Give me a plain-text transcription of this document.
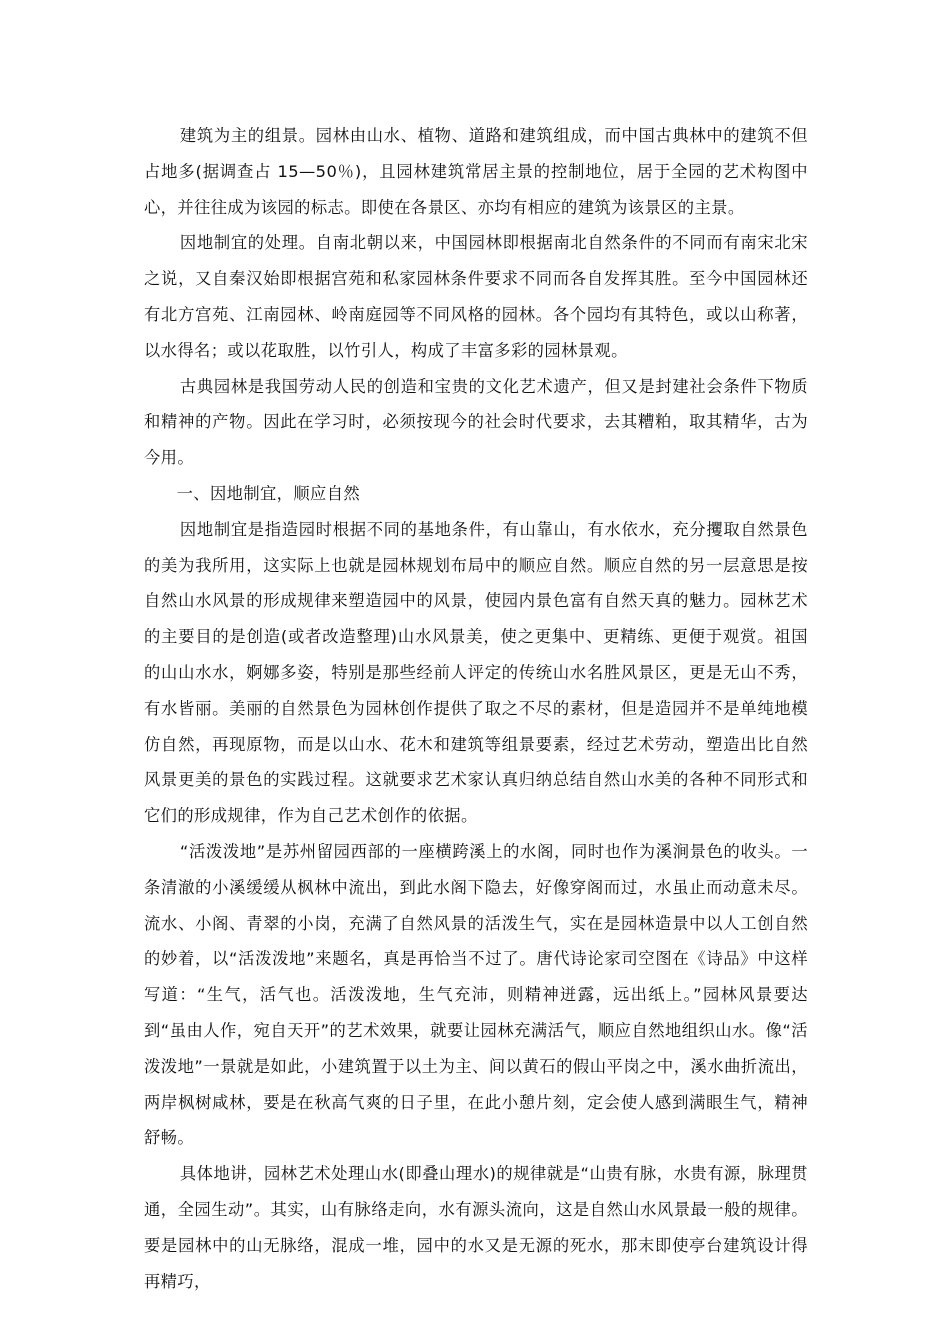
建筑为主的组景。园林由山水、植物、道路和建筑组成，而中国古典林中的建筑不但占地多(据调查占 15—50％)，且园林建筑常居主景的控制地位，居于全园的艺术构图中心，并往往成为该园的标志。即使在各景区、亦均有相应的建筑为该景区的主景。

因地制宜的处理。自南北朝以来，中国园林即根据南北自然条件的不同而有南宋北宋之说，又自秦汉始即根据宫苑和私家园林条件要求不同而各自发挥其胜。至今中国园林还有北方宫苑、江南园林、岭南庭园等不同风格的园林。各个园均有其特色，或以山称著，以水得名；或以花取胜，以竹引人，构成了丰富多彩的园林景观。

古典园林是我国劳动人民的创造和宝贵的文化艺术遗产，但又是封建社会条件下物质和精神的产物。因此在学习时，必须按现今的社会时代要求，去其糟粕，取其精华，古为今用。

一、因地制宜，顺应自然

因地制宜是指造园时根据不同的基地条件，有山靠山，有水依水，充分攫取自然景色的美为我所用，这实际上也就是园林规划布局中的顺应自然。顺应自然的另一层意思是按自然山水风景的形成规律来塑造园中的风景，使园内景色富有自然天真的魅力。园林艺术的主要目的是创造(或者改造整理)山水风景美，使之更集中、更精练、更便于观赏。祖国的山山水水，婀娜多姿，特别是那些经前人评定的传统山水名胜风景区，更是无山不秀，有水皆丽。美丽的自然景色为园林创作提供了取之不尽的素材，但是造园并不是单纯地模仿自然，再现原物，而是以山水、花木和建筑等组景要素，经过艺术劳动，塑造出比自然风景更美的景色的实践过程。这就要求艺术家认真归纳总结自然山水美的各种不同形式和它们的形成规律，作为自己艺术创作的依据。

“活泼泼地”是苏州留园西部的一座横跨溪上的水阁，同时也作为溪涧景色的收头。一条清澈的小溪缓缓从枫林中流出，到此水阁下隐去，好像穿阁而过，水虽止而动意未尽。流水、小阁、青翠的小岗，充满了自然风景的活泼生气，实在是园林造景中以人工创自然的妙着，以“活泼泼地”来题名，真是再恰当不过了。唐代诗论家司空图在《诗品》中这样写道：“生气，活气也。活泼泼地，生气充沛，则精神迸露，远出纸上。”园林风景要达到“虽由人作，宛自天开”的艺术效果，就要让园林充满活气，顺应自然地组织山水。像“活泼泼地”一景就是如此，小建筑置于以土为主、间以黄石的假山平岗之中，溪水曲折流出，两岸枫树咸林，要是在秋高气爽的日子里，在此小憩片刻，定会使人感到满眼生气，精神舒畅。

具体地讲，园林艺术处理山水(即叠山理水)的规律就是“山贵有脉，水贵有源，脉理贯通，全园生动”。其实，山有脉络走向，水有源头流向，这是自然山水风景最一般的规律。要是园林中的山无脉络，混成一堆，园中的水又是无源的死水，那末即使亭台建筑设计得再精巧，
